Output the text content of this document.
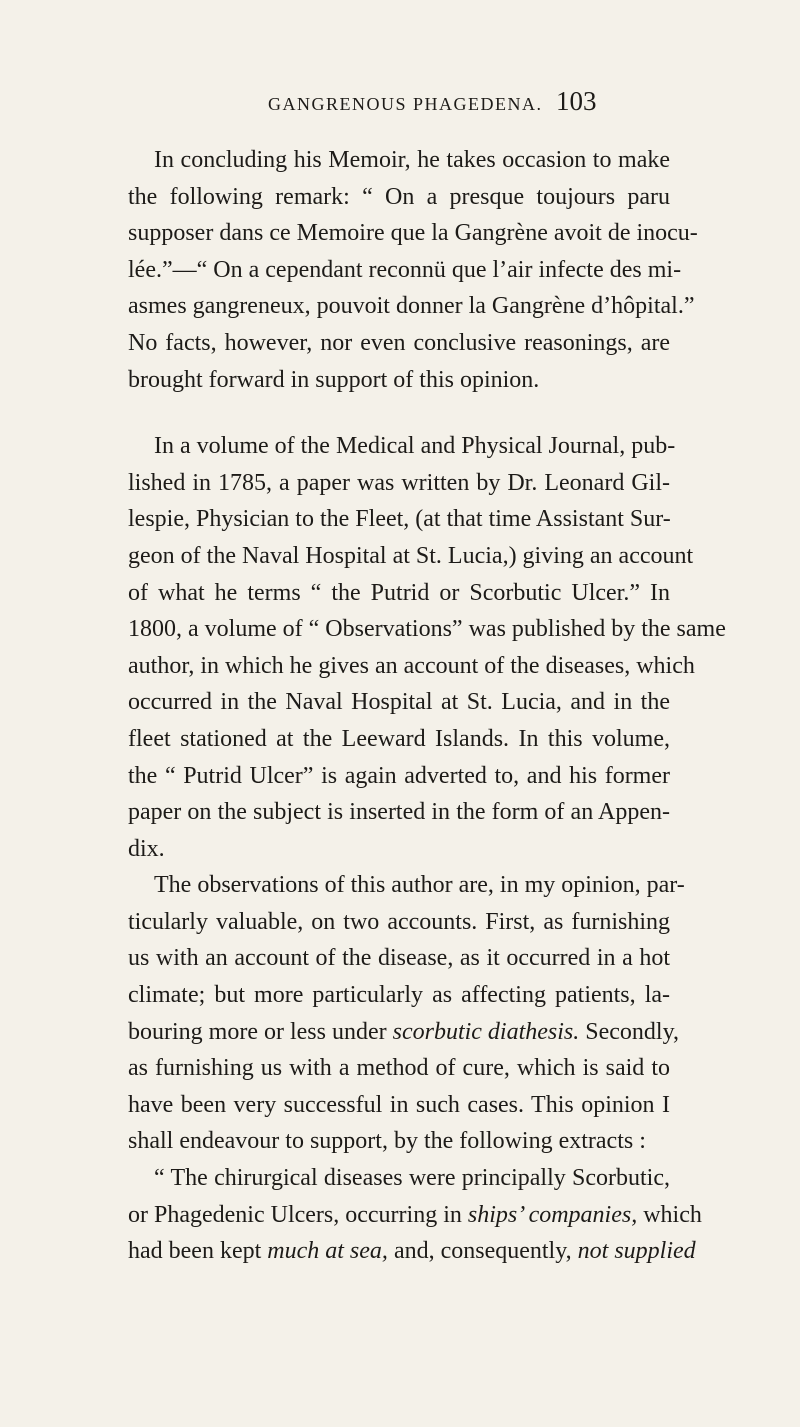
GANGRENOUS PHAGEDENA. 103
In concluding his Memoir, he takes occasion to make
the following remark: “ On a presque toujours paru
supposer dans ce Memoire que la Gangrène avoit de inocu-
lée.”—“ On a cependant reconnü que l’air infecte des mi-
asmes gangreneux, pouvoit donner la Gangrène d’hôpital.”
No facts, however, nor even conclusive reasonings, are
brought forward in support of this opinion.
In a volume of the Medical and Physical Journal, pub-
lished in 1785, a paper was written by Dr. Leonard Gil-
lespie, Physician to the Fleet, (at that time Assistant Sur-
geon of the Naval Hospital at St. Lucia,) giving an account
of what he terms “ the Putrid or Scorbutic Ulcer.” In
1800, a volume of “ Observations” was published by the same
author, in which he gives an account of the diseases, which
occurred in the Naval Hospital at St. Lucia, and in the
fleet stationed at the Leeward Islands. In this volume,
the “ Putrid Ulcer” is again adverted to, and his former
paper on the subject is inserted in the form of an Appen-
dix.
The observations of this author are, in my opinion, par-
ticularly valuable, on two accounts. First, as furnishing
us with an account of the disease, as it occurred in a hot
climate; but more particularly as affecting patients, la-
bouring more or less under scorbutic diathesis. Secondly,
as furnishing us with a method of cure, which is said to
have been very successful in such cases. This opinion I
shall endeavour to support, by the following extracts :
“ The chirurgical diseases were principally Scorbutic,
or Phagedenic Ulcers, occurring in ships’ companies, which
had been kept much at sea, and, consequently, not supplied
